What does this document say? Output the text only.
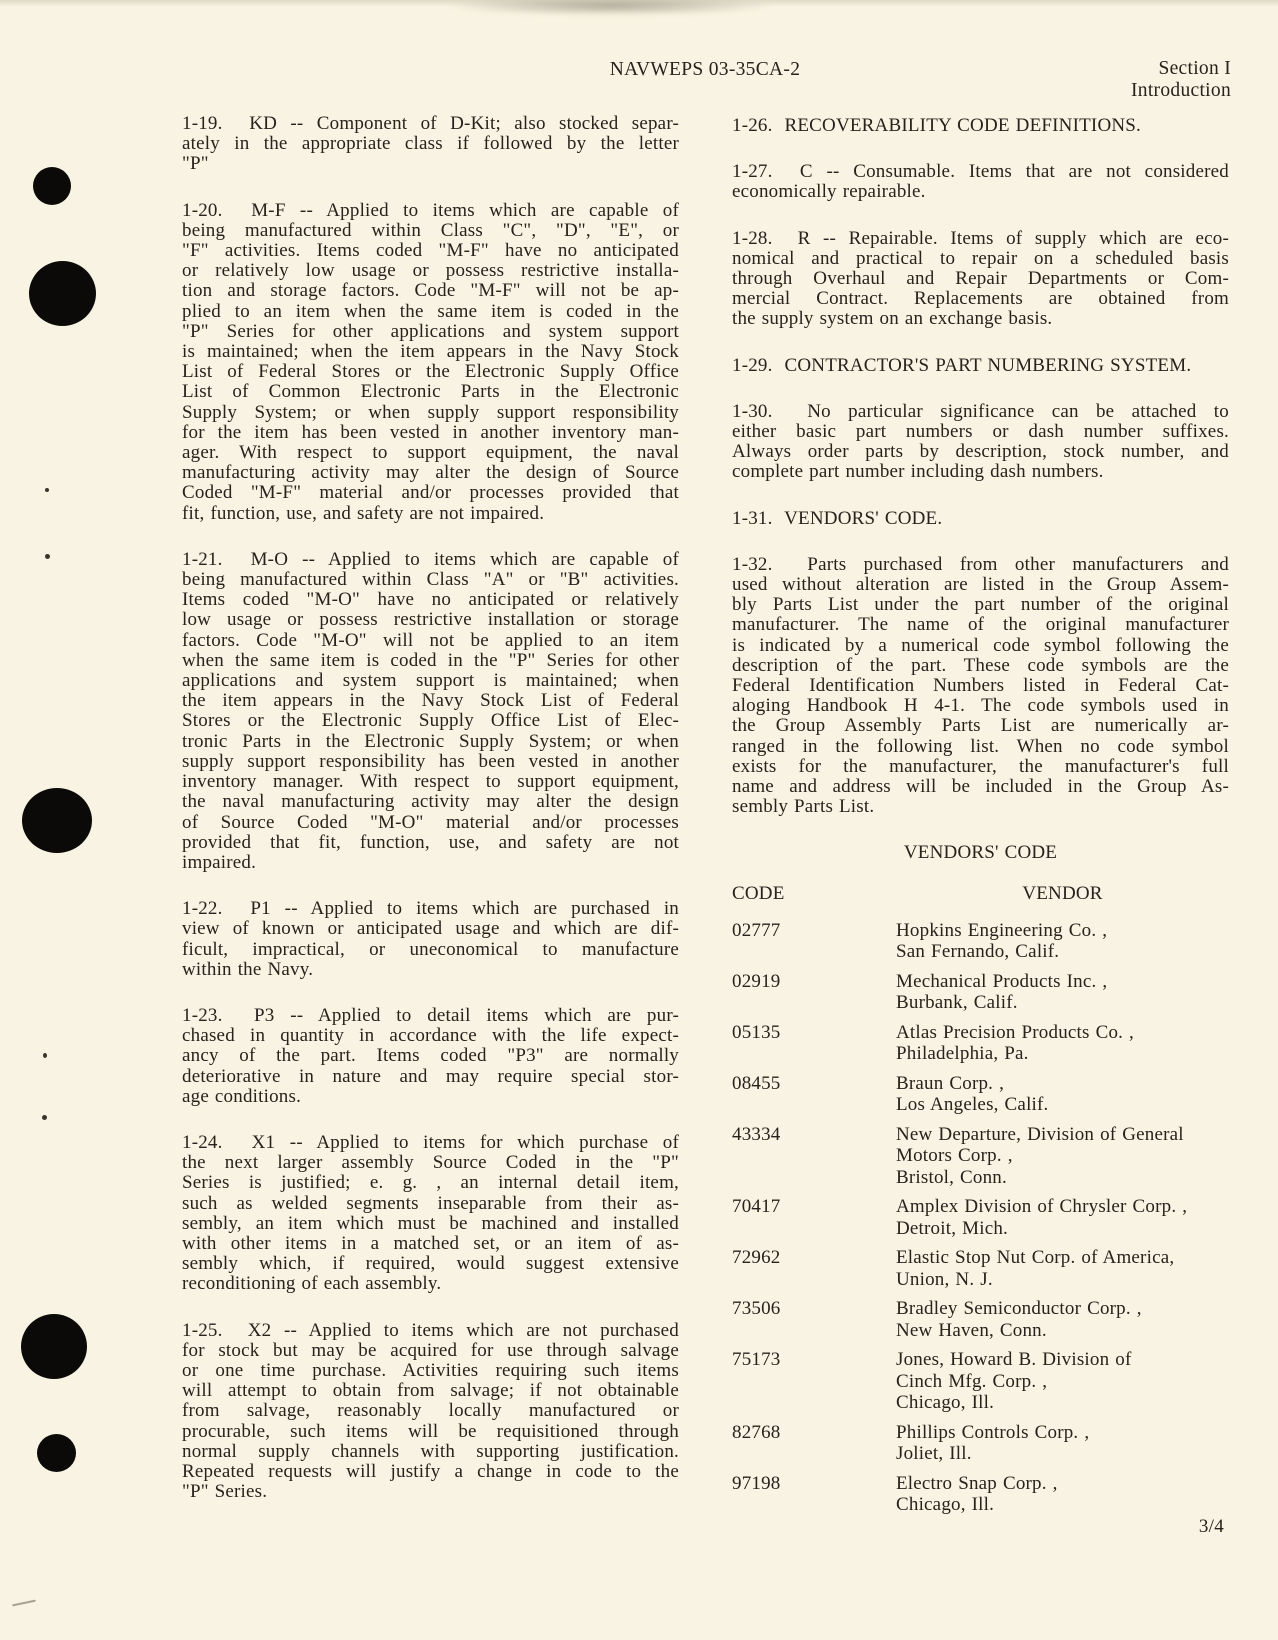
NAVWEPS 03-35CA-2	Section I
Introduction
1-19.  KD -- Component of D-Kit; also stocked separ-
ately in the appropriate class if followed by the letter
"P"
1-20.  M-F -- Applied to items which are capable of
being manufactured within Class "C", "D", "E", or
"F" activities. Items coded "M-F" have no anticipated
or relatively low usage or possess restrictive installa-
tion and storage factors. Code "M-F" will not be ap-
plied to an item when the same item is coded in the
"P" Series for other applications and system support
is maintained; when the item appears in the Navy Stock
List of Federal Stores or the Electronic Supply Office
List of Common Electronic Parts in the Electronic
Supply System; or when supply support responsibility
for the item has been vested in another inventory man-
ager. With respect to support equipment, the naval
manufacturing activity may alter the design of Source
Coded "M-F" material and/or processes provided that
fit, function, use, and safety are not impaired.
1-21.  M-O -- Applied to items which are capable of
being manufactured within Class "A" or "B" activities.
Items coded "M-O" have no anticipated or relatively
low usage or possess restrictive installation or storage
factors. Code "M-O" will not be applied to an item
when the same item is coded in the "P" Series for other
applications and system support is maintained; when
the item appears in the Navy Stock List of Federal
Stores or the Electronic Supply Office List of Elec-
tronic Parts in the Electronic Supply System; or when
supply support responsibility has been vested in another
inventory manager. With respect to support equipment,
the naval manufacturing activity may alter the design
of Source Coded "M-O" material and/or processes
provided that fit, function, use, and safety are not
impaired.
1-22.  P1 -- Applied to items which are purchased in
view of known or anticipated usage and which are dif-
ficult, impractical, or uneconomical to manufacture
within the Navy.
1-23.  P3 -- Applied to detail items which are pur-
chased in quantity in accordance with the life expect-
ancy of the part. Items coded "P3" are normally
deteriorative in nature and may require special stor-
age conditions.
1-24.  X1 -- Applied to items for which purchase of
the next larger assembly Source Coded in the "P"
Series is justified; e. g. , an internal detail item,
such as welded segments inseparable from their as-
sembly, an item which must be machined and installed
with other items in a matched set, or an item of as-
sembly which, if required, would suggest extensive
reconditioning of each assembly.
1-25.  X2 -- Applied to items which are not purchased
for stock but may be acquired for use through salvage
or one time purchase. Activities requiring such items
will attempt to obtain from salvage; if not obtainable
from salvage, reasonably locally manufactured or
procurable, such items will be requisitioned through
normal supply channels with supporting justification.
Repeated requests will justify a change in code to the
"P" Series.
1-26.  RECOVERABILITY CODE DEFINITIONS.
1-27.  C -- Consumable. Items that are not considered
economically repairable.
1-28.  R -- Repairable. Items of supply which are eco-
nomical and practical to repair on a scheduled basis
through Overhaul and Repair Departments or Com-
mercial Contract. Replacements are obtained from
the supply system on an exchange basis.
1-29.  CONTRACTOR'S PART NUMBERING SYSTEM.
1-30.  No particular significance can be attached to
either basic part numbers or dash number suffixes.
Always order parts by description, stock number, and
complete part number including dash numbers.
1-31.  VENDORS' CODE.
1-32.  Parts purchased from other manufacturers and
used without alteration are listed in the Group Assem-
bly Parts List under the part number of the original
manufacturer. The name of the original manufacturer
is indicated by a numerical code symbol following the
description of the part. These code symbols are the
Federal Identification Numbers listed in Federal Cat-
aloging Handbook H 4-1. The code symbols used in
the Group Assembly Parts List are numerically ar-
ranged in the following list. When no code symbol
exists for the manufacturer, the manufacturer's full
name and address will be included in the Group As-
sembly Parts List.
VENDORS' CODE
CODE	VENDOR
02777	Hopkins Engineering Co. ,
San Fernando, Calif.
02919	Mechanical Products Inc. ,
Burbank, Calif.
05135	Atlas Precision Products Co. ,
Philadelphia, Pa.
08455	Braun Corp. ,
Los Angeles, Calif.
43334	New Departure, Division of General
Motors Corp. ,
Bristol, Conn.
70417	Amplex Division of Chrysler Corp. ,
Detroit, Mich.
72962	Elastic Stop Nut Corp. of America,
Union, N. J.
73506	Bradley Semiconductor Corp. ,
New Haven, Conn.
75173	Jones, Howard B. Division of
Cinch Mfg. Corp. ,
Chicago, Ill.
82768	Phillips Controls Corp. ,
Joliet, Ill.
97198	Electro Snap Corp. ,
Chicago, Ill.
3/4
